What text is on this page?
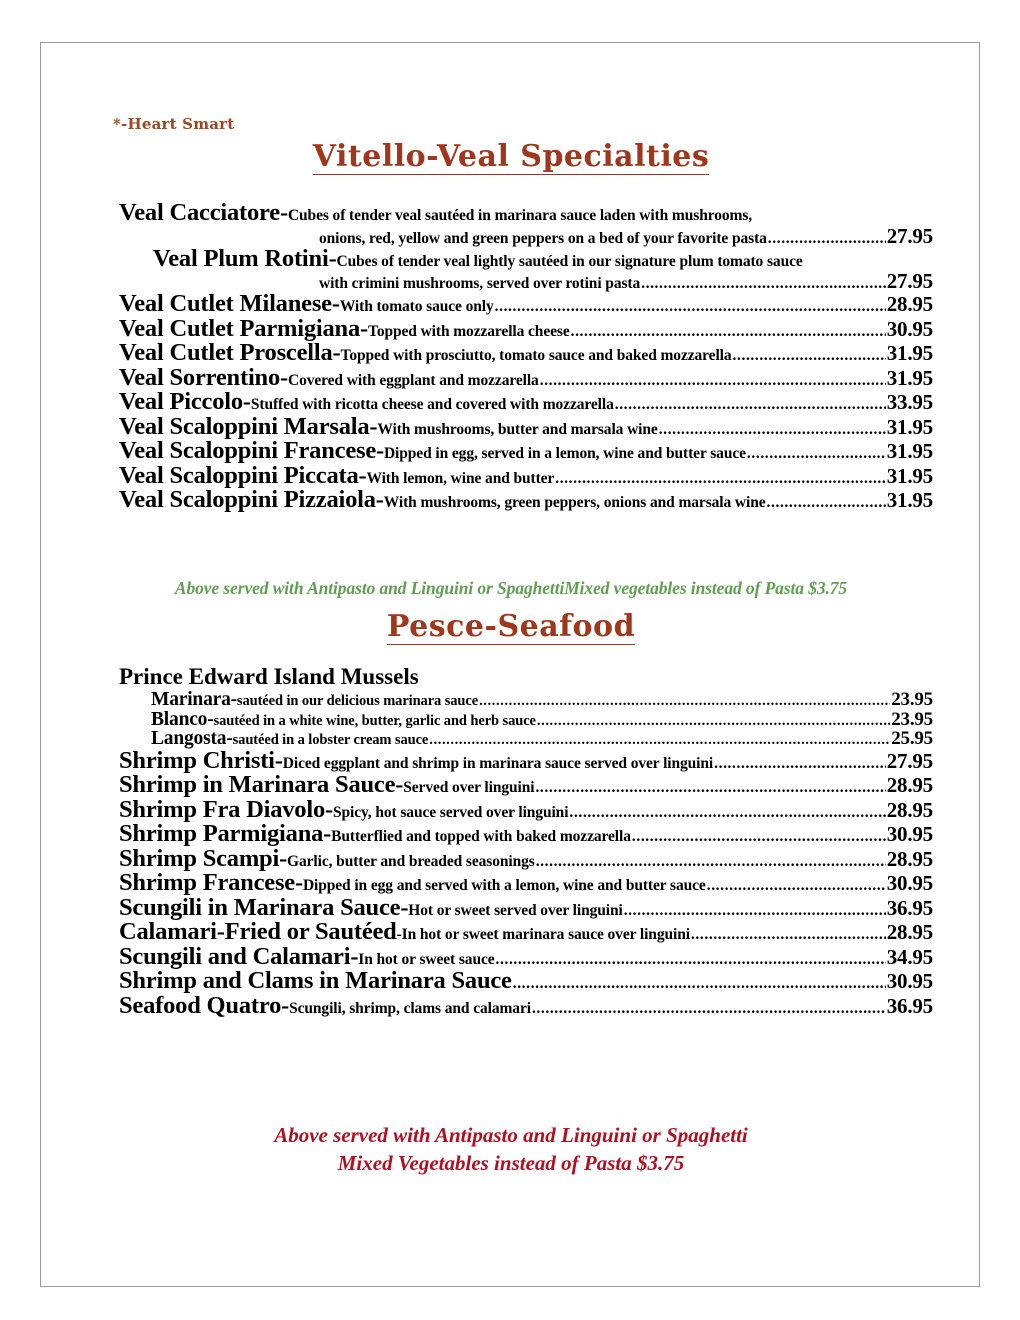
*-Heart Smart
Vitello-Veal Specialties
Veal Cacciatore- Cubes of tender veal sautéed in marinara sauce laden with mushrooms,
onions, red, yellow and green peppers on a bed of your favorite pasta .....	27.95
Veal Plum Rotini- Cubes of tender veal lightly sautéed in our signature plum tomato sauce
with crimini mushrooms, served over rotini pasta .....	27.95
Veal Cutlet Milanese- With tomato sauce only .....	28.95
Veal Cutlet Parmigiana- Topped with mozzarella cheese .....	30.95
Veal Cutlet Proscella- Topped with prosciutto, tomato sauce and baked mozzarella .....	31.95
Veal Sorrentino- Covered with eggplant and mozzarella .....	31.95
Veal Piccolo- Stuffed with ricotta cheese and covered with mozzarella .....	33.95
Veal Scaloppini Marsala- With mushrooms, butter and marsala wine .....	31.95
Veal Scaloppini Francese- Dipped in egg, served in a lemon, wine and butter sauce .....	31.95
Veal Scaloppini Piccata- With lemon, wine and butter .....	31.95
Veal Scaloppini Pizzaiola- With mushrooms, green peppers, onions and marsala wine .....	31.95
Above served with Antipasto and Linguini or SpaghettiMixed vegetables instead of Pasta $3.75
Pesce-Seafood
Prince Edward Island Mussels
Marinara- sautéed in our delicious marinara sauce .....	23.95
Blanco- sautéed in a white wine, butter, garlic and herb sauce .....	23.95
Langosta- sautéed in a lobster cream sauce .....	25.95
Shrimp Christi- Diced eggplant and shrimp in marinara sauce served over linguini .....	27.95
Shrimp in Marinara Sauce- Served over linguini .....	28.95
Shrimp Fra Diavolo- Spicy, hot sauce served over linguini .....	28.95
Shrimp Parmigiana- Butterflied and topped with baked mozzarella .....	30.95
Shrimp Scampi- Garlic, butter and breaded seasonings .....	28.95
Shrimp Francese- Dipped in egg and served with a lemon, wine and butter sauce .....	30.95
Scungili in Marinara Sauce- Hot or sweet served over linguini .....	36.95
Calamari-Fried or Sautéed -In hot or sweet marinara sauce over linguini .....	28.95
Scungili and Calamari- In hot or sweet sauce .....	34.95
Shrimp and Clams in Marinara Sauce .....	30.95
Seafood Quatro- Scungili, shrimp, clams and calamari .....	36.95
Above served with Antipasto and Linguini or Spaghetti
Mixed Vegetables instead of Pasta $3.75
